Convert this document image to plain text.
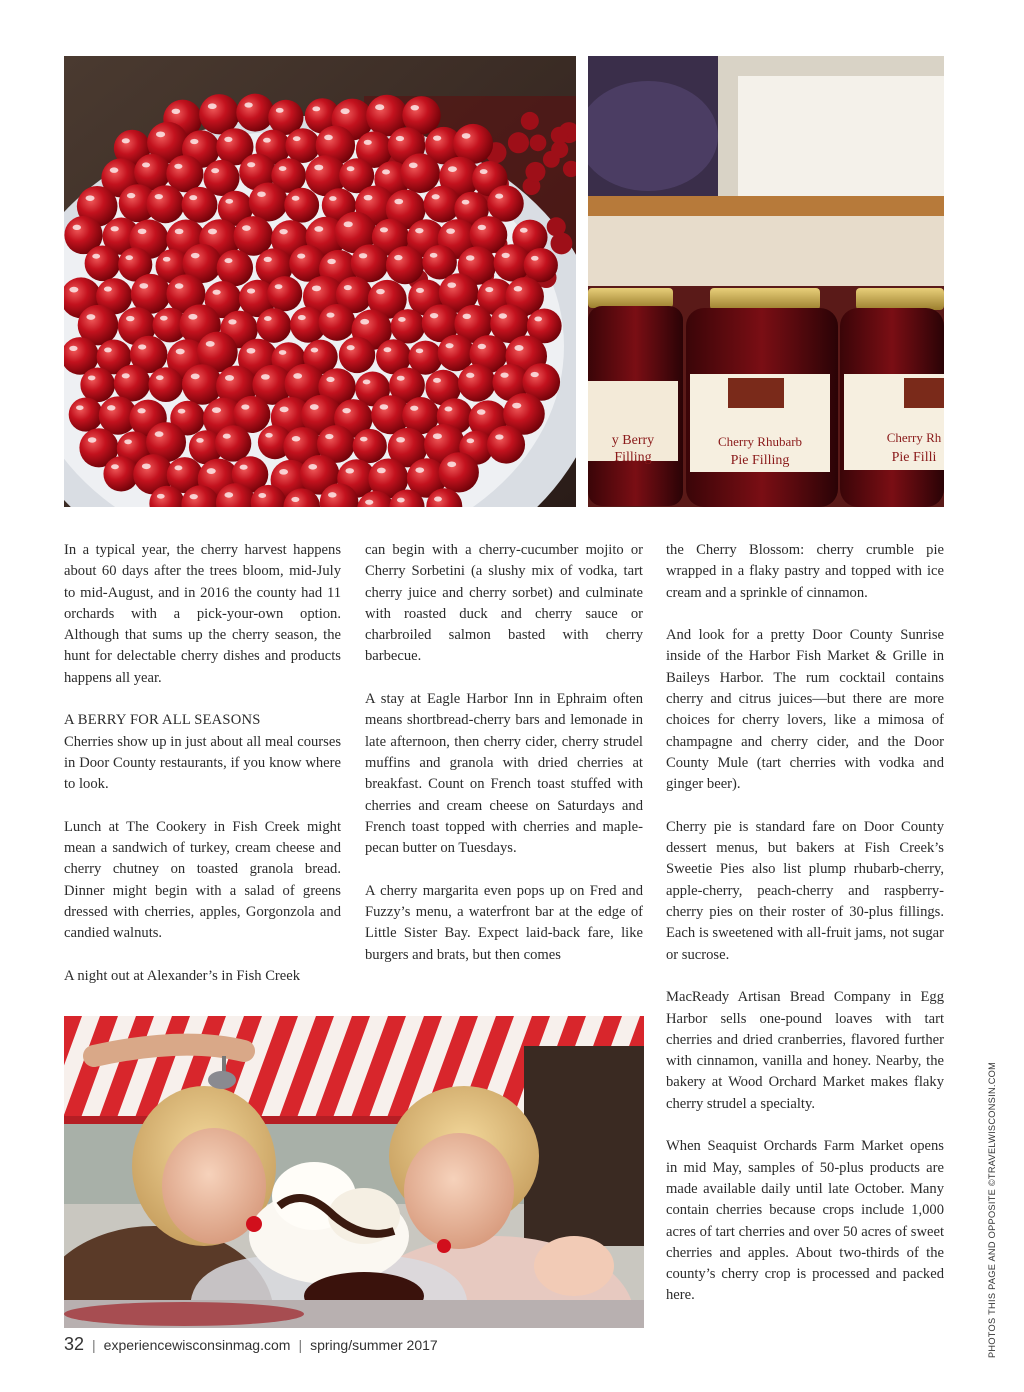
y Berry
Filling
Cherry Rhubarb
Pie Filling
Cherry Rh
Pie Filli

In a typical year, the cherry harvest happens about 60 days after the trees bloom, mid-July to mid-August, and in 2016 the county had 11 orchards with a pick-your-own option. Although that sums up the cherry season, the hunt for delectable cherry dishes and products happens all year.

A BERRY FOR ALL SEASONS

Cherries show up in just about all meal courses in Door County restaurants, if you know where to look.

Lunch at The Cookery in Fish Creek might mean a sandwich of turkey, cream cheese and cherry chutney on toasted granola bread. Dinner might begin with a salad of greens dressed with cherries, apples, Gorgonzola and candied walnuts.

A night out at Alexander’s in Fish Creek

can begin with a cherry-cucumber mojito or Cherry Sorbetini (a slushy mix of vodka, tart cherry juice and cherry sorbet) and culminate with roasted duck and cherry sauce or charbroiled salmon basted with cherry barbecue.

A stay at Eagle Harbor Inn in Ephraim often means shortbread-cherry bars and lemonade in late afternoon, then cherry cider, cherry strudel muffins and granola with dried cherries at breakfast. Count on French toast stuffed with cherries and cream cheese on Saturdays and French toast topped with cherries and maple-pecan butter on Tuesdays.

A cherry margarita even pops up on Fred and Fuzzy’s menu, a waterfront bar at the edge of Little Sister Bay. Expect laid-back fare, like burgers and brats, but then comes

the Cherry Blossom: cherry crumble pie wrapped in a flaky pastry and topped with ice cream and a sprinkle of cinnamon.

And look for a pretty Door County Sunrise inside of the Harbor Fish Market & Grille in Baileys Harbor. The rum cocktail contains cherry and citrus juices—but there are more choices for cherry lovers, like a mimosa of champagne and cherry cider, and the Door County Mule (tart cherries with vodka and ginger beer).

Cherry pie is standard fare on Door County dessert menus, but bakers at Fish Creek’s Sweetie Pies also list plump rhubarb-cherry, apple-cherry, peach-cherry and raspberry-cherry pies on their roster of 30-plus fillings. Each is sweetened with all-fruit jams, not sugar or sucrose.

MacReady Artisan Bread Company in Egg Harbor sells one-pound loaves with tart cherries and dried cranberries, flavored further with cinnamon, vanilla and honey. Nearby, the bakery at Wood Orchard Market makes flaky cherry strudel a specialty.

When Seaquist Orchards Farm Market opens in mid May, samples of 50-plus products are made available daily until late October. Many contain cherries because crops include 1,000 acres of tart cherries and over 50 acres of sweet cherries and apples. About two-thirds of the county’s cherry crop is processed and packed here.	PHOTOS THIS PAGE AND OPPOSITE ©TRAVELWISCONSIN.COM
32 | experiencewisconsinmag.com | spring/summer 2017
